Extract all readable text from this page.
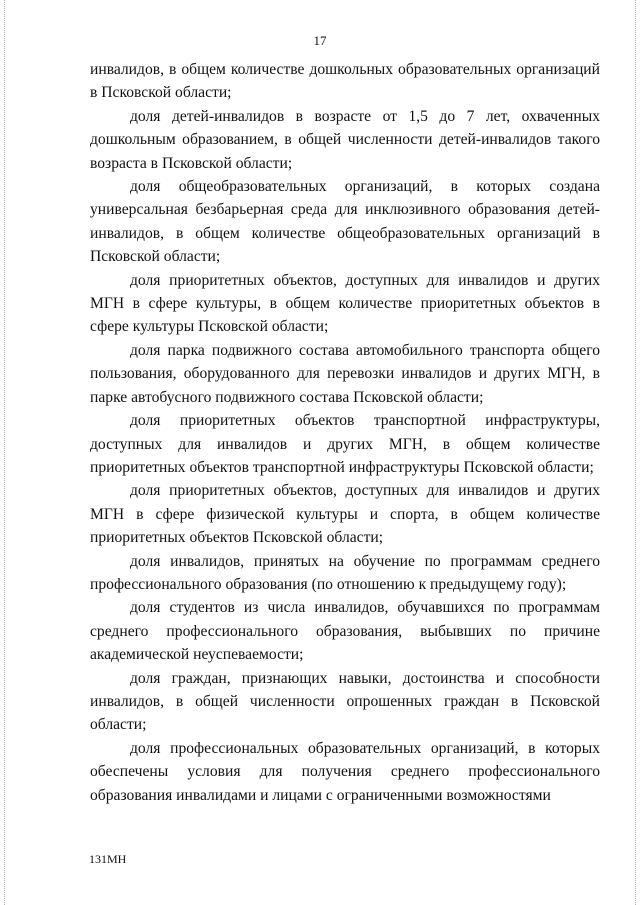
17

инвалидов, в общем количестве дошкольных образовательных организаций в Псковской области;

доля детей-инвалидов в возрасте от 1,5 до 7 лет, охваченных дошкольным образованием, в общей численности детей-инвалидов такого возраста в Псковской области;

доля общеобразовательных организаций, в которых создана универсальная безбарьерная среда для инклюзивного образования детей-инвалидов, в общем количестве общеобразовательных организаций в Псковской области;

доля приоритетных объектов, доступных для инвалидов и других МГН в сфере культуры, в общем количестве приоритетных объектов в сфере культуры Псковской области;

доля парка подвижного состава автомобильного транспорта общего пользования, оборудованного для перевозки инвалидов и других МГН, в парке автобусного подвижного состава Псковской области;

доля приоритетных объектов транспортной инфраструктуры, доступных для инвалидов и других МГН, в общем количестве приоритетных объектов транспортной инфраструктуры Псковской области;

доля приоритетных объектов, доступных для инвалидов и других МГН в сфере физической культуры и спорта, в общем количестве приоритетных объектов Псковской области;

доля инвалидов, принятых на обучение по программам среднего профессионального образования (по отношению к предыдущему году);

доля студентов из числа инвалидов, обучавшихся по программам среднего профессионального образования, выбывших по причине академической неуспеваемости;

доля граждан, признающих навыки, достоинства и способности инвалидов, в общей численности опрошенных граждан в Псковской области;

доля профессиональных образовательных организаций, в которых обеспечены условия для получения среднего профессионального образования инвалидами и лицами с ограниченными возможностями

131МН
